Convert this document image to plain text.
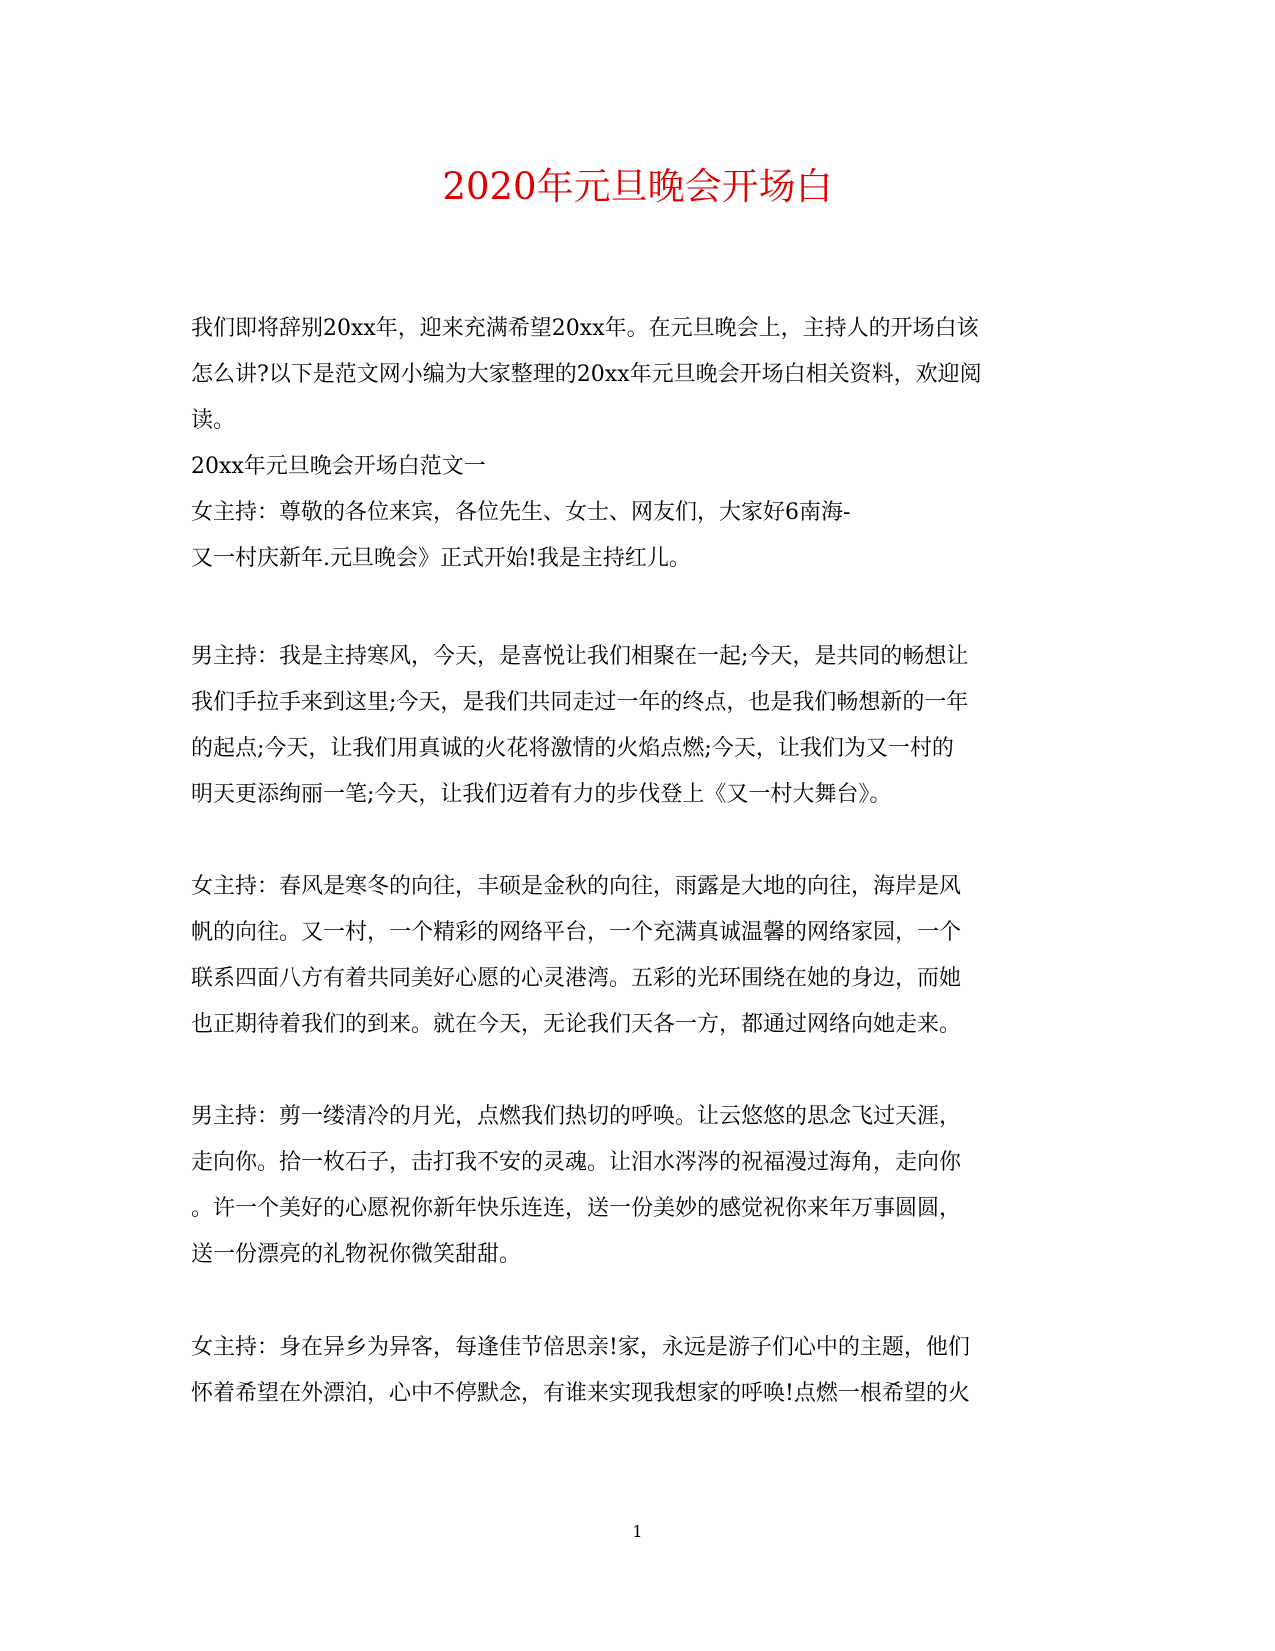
2020年元旦晚会开场白
我们即将辞别20xx年，迎来充满希望20xx年。在元旦晚会上，主持人的开场白该
怎么讲?以下是范文网小编为大家整理的20xx年元旦晚会开场白相关资料，欢迎阅
读。
20xx年元旦晚会开场白范文一
女主持：尊敬的各位来宾，各位先生、女士、网友们，大家好6南海-
又一村庆新年.元旦晚会》正式开始!我是主持红儿。
男主持：我是主持寒风，今天，是喜悦让我们相聚在一起;今天，是共同的畅想让
我们手拉手来到这里;今天，是我们共同走过一年的终点，也是我们畅想新的一年
的起点;今天，让我们用真诚的火花将激情的火焰点燃;今天，让我们为又一村的
明天更添绚丽一笔;今天，让我们迈着有力的步伐登上《又一村大舞台》。
女主持：春风是寒冬的向往，丰硕是金秋的向往，雨露是大地的向往，海岸是风
帆的向往。又一村，一个精彩的网络平台，一个充满真诚温馨的网络家园，一个
联系四面八方有着共同美好心愿的心灵港湾。五彩的光环围绕在她的身边，而她
也正期待着我们的到来。就在今天，无论我们天各一方，都通过网络向她走来。
男主持：剪一缕清冷的月光，点燃我们热切的呼唤。让云悠悠的思念飞过天涯，
走向你。拾一枚石子，击打我不安的灵魂。让泪水涔涔的祝福漫过海角，走向你
。许一个美好的心愿祝你新年快乐连连，送一份美妙的感觉祝你来年万事圆圆，
送一份漂亮的礼物祝你微笑甜甜。
女主持：身在异乡为异客，每逢佳节倍思亲!家，永远是游子们心中的主题，他们
怀着希望在外漂泊，心中不停默念，有谁来实现我想家的呼唤!点燃一根希望的火
1
